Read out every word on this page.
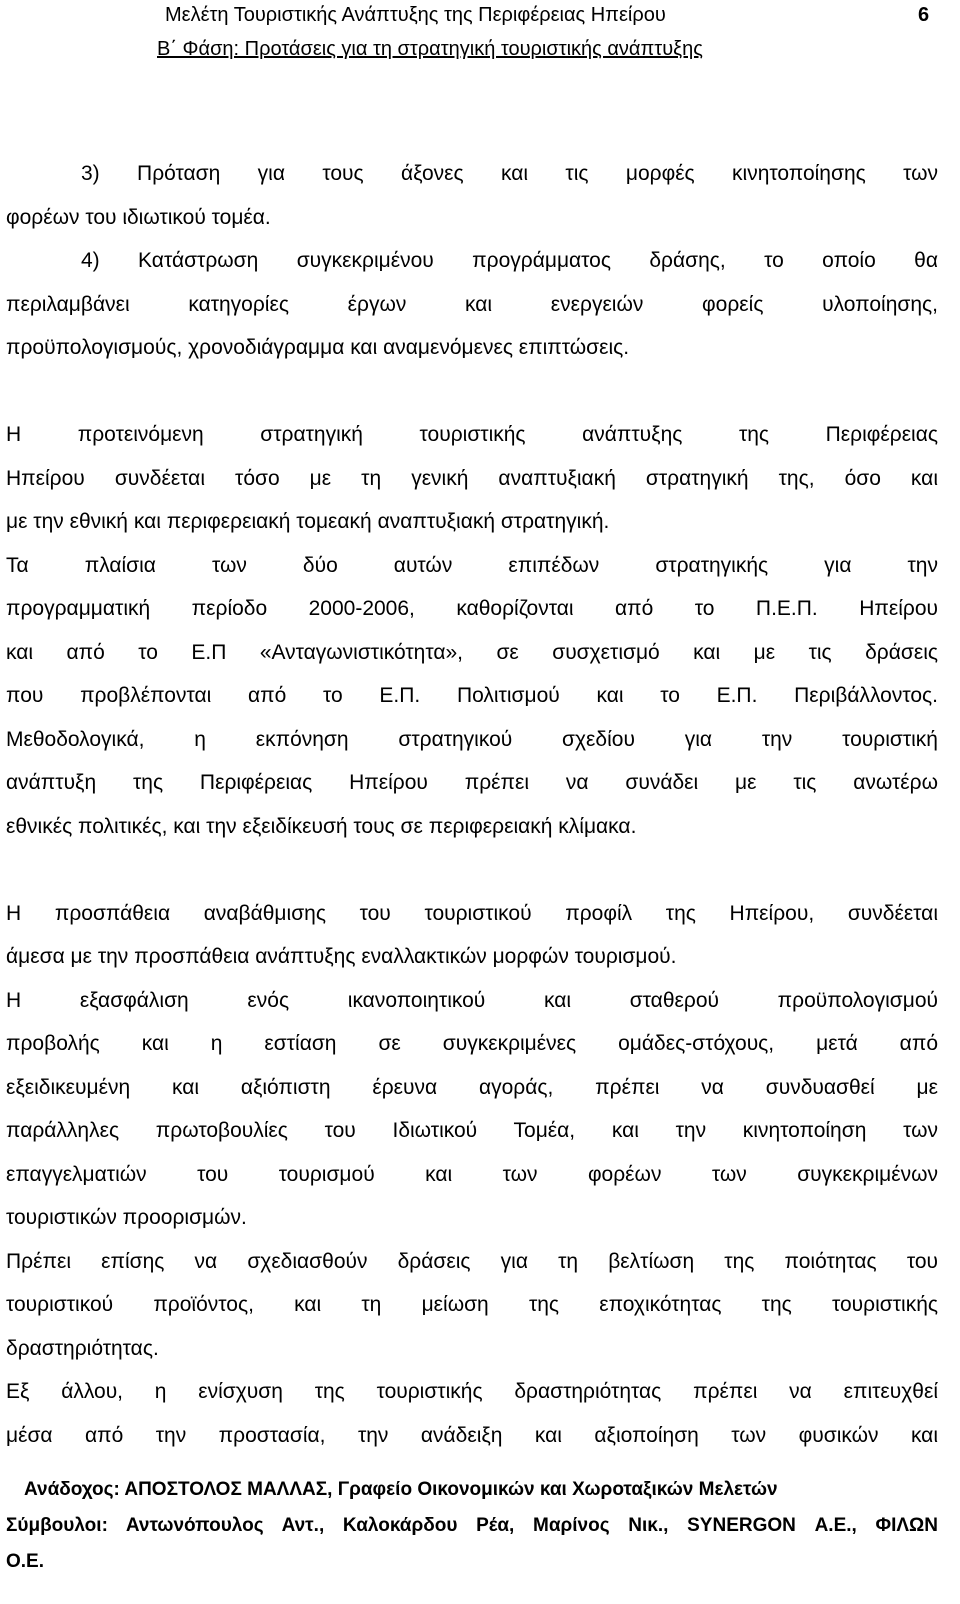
Μελέτη Τουριστικής Ανάπτυξης της Περιφέρειας Ηπείρου	6
Β΄ Φάση: Προτάσεις για τη στρατηγική τουριστικής ανάπτυξης
3) Πρόταση για τους άξονες και τις μορφές κινητοποίησης των
φορέων του ιδιωτικού τομέα.
4) Κατάστρωση συγκεκριμένου προγράμματος δράσης, το οποίο θα
περιλαμβάνει κατηγορίες έργων και ενεργειών φορείς υλοποίησης,
προϋπολογισμούς, χρονοδιάγραμμα και αναμενόμενες επιπτώσεις.
Η προτεινόμενη στρατηγική τουριστικής ανάπτυξης της Περιφέρειας
Ηπείρου συνδέεται τόσο με τη γενική αναπτυξιακή στρατηγική της, όσο και
με την εθνική και περιφερειακή τομεακή αναπτυξιακή στρατηγική.
Τα πλαίσια των δύο αυτών επιπέδων στρατηγικής για την
προγραμματική περίοδο 2000-2006, καθορίζονται από το Π.Ε.Π. Ηπείρου
και από το Ε.Π «Ανταγωνιστικότητα», σε συσχετισμό και με τις δράσεις
που προβλέπονται από το Ε.Π. Πολιτισμού και το Ε.Π. Περιβάλλοντος.
Μεθοδολογικά, η εκπόνηση στρατηγικού σχεδίου για την τουριστική
ανάπτυξη της Περιφέρειας Ηπείρου πρέπει να συνάδει με τις ανωτέρω
εθνικές πολιτικές, και την εξειδίκευσή τους σε περιφερειακή κλίμακα.
Η προσπάθεια αναβάθμισης του τουριστικού προφίλ της Ηπείρου, συνδέεται
άμεσα με την προσπάθεια ανάπτυξης εναλλακτικών μορφών τουρισμού.
Η εξασφάλιση ενός ικανοποιητικού και σταθερού προϋπολογισμού
προβολής και η εστίαση σε συγκεκριμένες ομάδες-στόχους, μετά από
εξειδικευμένη και αξιόπιστη έρευνα αγοράς, πρέπει να συνδυασθεί με
παράλληλες πρωτοβουλίες του Ιδιωτικού Τομέα, και την κινητοποίηση των
επαγγελματιών του τουρισμού και των φορέων των συγκεκριμένων
τουριστικών προορισμών.
Πρέπει επίσης να σχεδιασθούν δράσεις για τη βελτίωση της ποιότητας του
τουριστικού προϊόντος, και τη μείωση της εποχικότητας της τουριστικής
δραστηριότητας.
Εξ άλλου, η ενίσχυση της τουριστικής δραστηριότητας πρέπει να επιτευχθεί
μέσα από την προστασία, την ανάδειξη και αξιοποίηση των φυσικών και
Ανάδοχος: ΑΠΟΣΤΟΛΟΣ ΜΑΛΛΑΣ, Γραφείο Οικονομικών και Χωροταξικών Μελετών
Σύμβουλοι: Αντωνόπουλος Αντ., Καλοκάρδου Ρέα, Μαρίνος Νικ., SYNERGON Α.Ε., ΦΙΛΩΝ
Ο.Ε.
